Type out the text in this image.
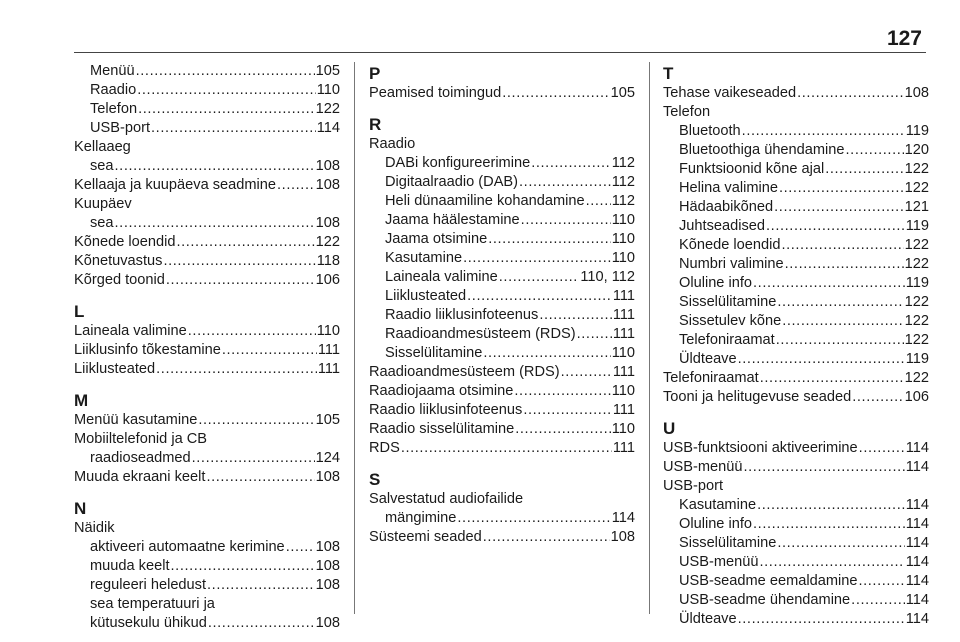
127
Menüü .....	105
Raadio .....	110
Telefon .....	122
USB-port .....	114
Kellaaeg
sea .....	108
Kellaaja ja kuupäeva seadmine .....	108
Kuupäev
sea .....	108
Kõnede loendid .....	122
Kõnetuvastus .....	118
Kõrged toonid .....	106
L
Laineala valimine .....	110
Liiklusinfo tõkestamine .....	111
Liiklusteated .....	111
M
Menüü kasutamine .....	105
Mobiiltelefonid ja CB
raadioseadmed .....	124
Muuda ekraani keelt .....	108
N
Näidik
aktiveeri automaatne kerimine ..... 108
muuda keelt .....	108
reguleeri heledust .....	108
sea temperatuuri ja
kütusekulu ühikud .....	108
P
Peamised toimingud .....	105
R
Raadio
DABi konfigureerimine .....	112
Digitaalraadio (DAB) .....	112
Heli dünaamiline kohandamine ..... 112
Jaama häälestamine .....	110
Jaama otsimine .....	110
Kasutamine .....	110
Laineala valimine .....	110, 112
Liiklusteated .....	111
Raadio liiklusinfoteenus .....	111
Raadioandmesüsteem (RDS) .....	111
Sisselülitamine .....	110
Raadioandmesüsteem (RDS) .....	111
Raadiojaama otsimine .....	110
Raadio liiklusinfoteenus .....	111
Raadio sisselülitamine .....	110
RDS .....	111
S
Salvestatud audiofailide
mängimine .....	114
Süsteemi seaded .....	108
T
Tehase vaikeseaded .....	108
Telefon
Bluetooth .....	119
Bluetoothiga ühendamine .....	120
Funktsioonid kõne ajal .....	122
Helina valimine .....	122
Hädaabikõned .....	121
Juhtseadised .....	119
Kõnede loendid .....	122
Numbri valimine .....	122
Oluline info .....	119
Sisselülitamine .....	122
Sissetulev kõne .....	122
Telefoniraamat .....	122
Üldteave .....	119
Telefoniraamat .....	122
Tooni ja helitugevuse seaded .....	106
U
USB-funktsiooni aktiveerimine .....	114
USB-menüü .....	114
USB-port
Kasutamine .....	114
Oluline info .....	114
Sisselülitamine .....	114
USB-menüü .....	114
USB-seadme eemaldamine .....	114
USB-seadme ühendamine .....	114
Üldteave .....	114
